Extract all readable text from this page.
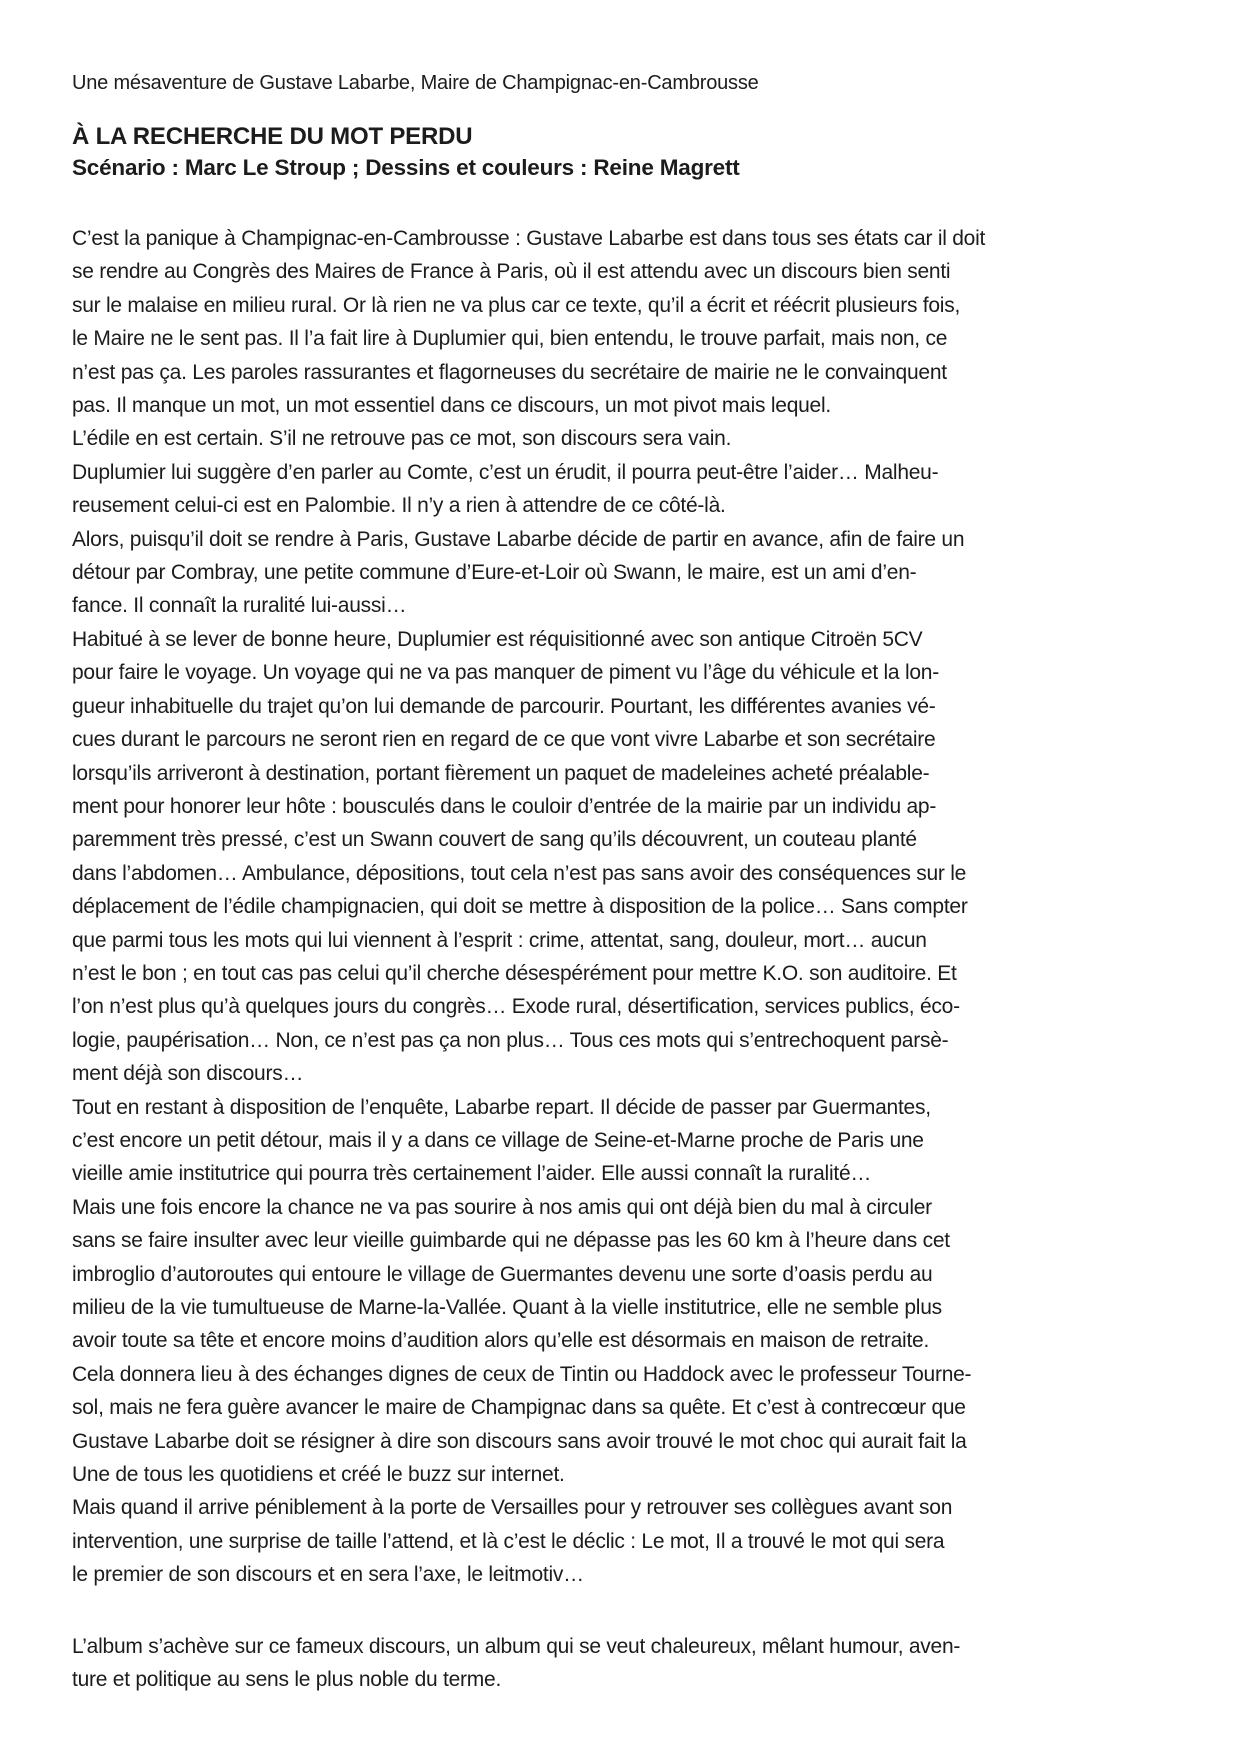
Une mésaventure de Gustave Labarbe, Maire de Champignac-en-Cambrousse

À LA RECHERCHE DU MOT PERDU
Scénario : Marc Le Stroup ; Dessins et couleurs : Reine Magrett
C’est la panique à Champignac-en-Cambrousse : Gustave Labarbe est dans tous ses états car il doit
se rendre au Congrès des Maires de France à Paris, où il est attendu avec un discours bien senti
sur le malaise en milieu rural. Or là rien ne va plus car ce texte, qu’il a écrit et réécrit plusieurs fois,
le Maire ne le sent pas. Il l’a fait lire à Duplumier qui, bien entendu, le trouve parfait, mais non, ce
n’est pas ça. Les paroles rassurantes et flagorneuses du secrétaire de mairie ne le convainquent
pas. Il manque un mot, un mot essentiel dans ce discours, un mot pivot mais lequel.
L’édile en est certain. S’il ne retrouve pas ce mot, son discours sera vain.
Duplumier lui suggère d’en parler au Comte, c’est un érudit, il pourra peut-être l’aider… Malheu-
reusement celui-ci est en Palombie. Il n’y a rien à attendre de ce côté-là.
Alors, puisqu’il doit se rendre à Paris, Gustave Labarbe décide de partir en avance, afin de faire un
détour par Combray, une petite commune d’Eure-et-Loir où Swann, le maire, est un ami d’en-
fance. Il connaît la ruralité lui-aussi…
Habitué à se lever de bonne heure, Duplumier est réquisitionné avec son antique Citroën 5CV
pour faire le voyage. Un voyage qui ne va pas manquer de piment vu l’âge du véhicule et la lon-
gueur inhabituelle du trajet qu’on lui demande de parcourir. Pourtant, les différentes avanies vé-
cues durant le parcours ne seront rien en regard de ce que vont vivre Labarbe et son secrétaire
lorsqu’ils arriveront à destination, portant fièrement un paquet de madeleines acheté préalable-
ment pour honorer leur hôte : bousculés dans le couloir d’entrée de la mairie par un individu ap-
paremment très pressé, c’est un Swann couvert de sang qu’ils découvrent, un couteau planté
dans l’abdomen… Ambulance, dépositions, tout cela n’est pas sans avoir des conséquences sur le
déplacement de l’édile champignacien, qui doit se mettre à disposition de la police… Sans compter
que parmi tous les mots qui lui viennent à l’esprit : crime, attentat, sang, douleur, mort… aucun
n’est le bon ; en tout cas pas celui qu’il cherche désespérément pour mettre K.O. son auditoire. Et
l’on n’est plus qu’à quelques jours du congrès… Exode rural, désertification, services publics, éco-
logie, paupérisation… Non, ce n’est pas ça non plus… Tous ces mots qui s’entrechoquent parsè-
ment déjà son discours…
Tout en restant à disposition de l’enquête, Labarbe repart. Il décide de passer par Guermantes,
c’est encore un petit détour, mais il y a dans ce village de Seine-et-Marne proche de Paris une
vieille amie institutrice qui pourra très certainement l’aider. Elle aussi connaît la ruralité…
Mais une fois encore la chance ne va pas sourire à nos amis qui ont déjà bien du mal à circuler
sans se faire insulter avec leur vieille guimbarde qui ne dépasse pas les 60 km à l’heure dans cet
imbroglio d’autoroutes qui entoure le village de Guermantes devenu une sorte d’oasis perdu au
milieu de la vie tumultueuse de Marne-la-Vallée. Quant à la vielle institutrice, elle ne semble plus
avoir toute sa tête et encore moins d’audition alors qu’elle est désormais en maison de retraite.
Cela donnera lieu à des échanges dignes de ceux de Tintin ou Haddock avec le professeur Tourne-
sol, mais ne fera guère avancer le maire de Champignac dans sa quête. Et c’est à contrecœur que
Gustave Labarbe doit se résigner à dire son discours sans avoir trouvé le mot choc qui aurait fait la
Une de tous les quotidiens et créé le buzz sur internet.
Mais quand il arrive péniblement à la porte de Versailles pour y retrouver ses collègues avant son
intervention, une surprise de taille l’attend, et là c’est le déclic : Le mot, Il a trouvé le mot qui sera
le premier de son discours et en sera l’axe, le leitmotiv…
L’album s’achève sur ce fameux discours, un album qui se veut chaleureux, mêlant humour, aven-
ture et politique au sens le plus noble du terme.
